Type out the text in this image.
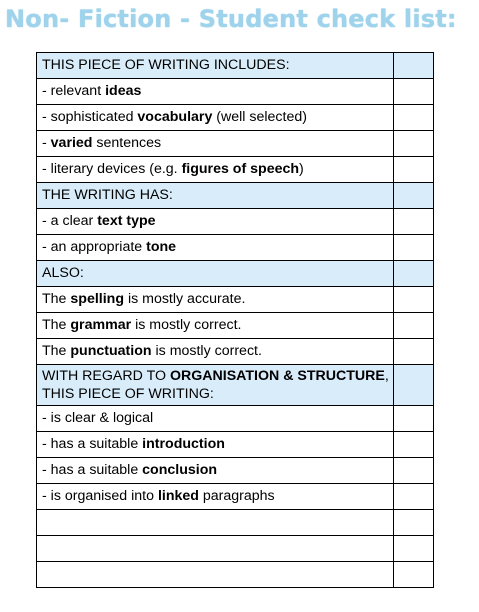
Non- Fiction - Student check list:
THIS PIECE OF WRITING INCLUDES:	
- relevant ideas	
- sophisticated vocabulary (well selected)	
- varied sentences	
- literary devices (e.g. figures of speech)	
THE WRITING HAS:	
- a clear text type	
- an appropriate tone	
ALSO:	
The spelling is mostly accurate.	
The grammar is mostly correct.	
The punctuation is mostly correct.	
WITH REGARD TO ORGANISATION & STRUCTURE,
THIS PIECE OF WRITING:	
- is clear & logical	
- has a suitable introduction	
- has a suitable conclusion	
- is organised into linked paragraphs	
